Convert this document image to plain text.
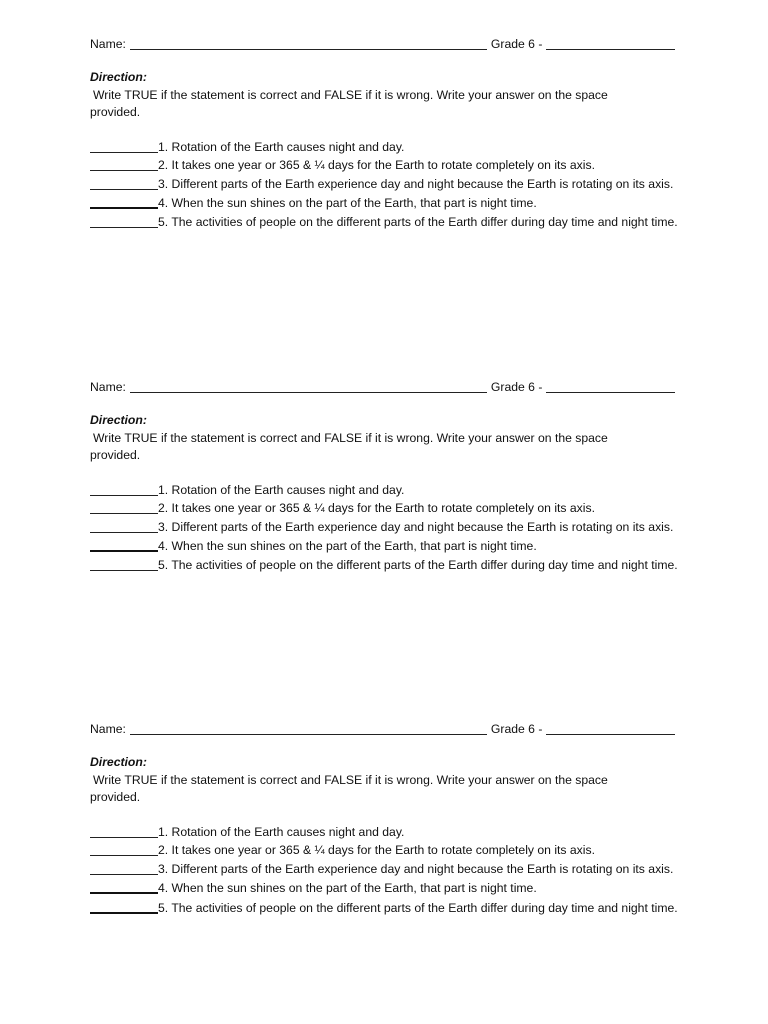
Name:	Grade 6 -
Direction:
Write TRUE if the statement is correct and FALSE if it is wrong. Write your answer on the space provided.
1. Rotation of the Earth causes night and day.
2. It takes one year or 365 & ¼ days for the Earth to rotate completely on its axis.
3. Different parts of the Earth experience day and night because the Earth is rotating on its axis.
4. When the sun shines on the part of the Earth, that part is night time.
5. The activities of people on the different parts of the Earth differ during day time and night time.
Name:	Grade 6 -
Direction:
Write TRUE if the statement is correct and FALSE if it is wrong. Write your answer on the space provided.
1. Rotation of the Earth causes night and day.
2. It takes one year or 365 & ¼ days for the Earth to rotate completely on its axis.
3. Different parts of the Earth experience day and night because the Earth is rotating on its axis.
4. When the sun shines on the part of the Earth, that part is night time.
5. The activities of people on the different parts of the Earth differ during day time and night time.
Name:	Grade 6 -
Direction:
Write TRUE if the statement is correct and FALSE if it is wrong. Write your answer on the space provided.
1. Rotation of the Earth causes night and day.
2. It takes one year or 365 & ¼ days for the Earth to rotate completely on its axis.
3. Different parts of the Earth experience day and night because the Earth is rotating on its axis.
4. When the sun shines on the part of the Earth, that part is night time.
5. The activities of people on the different parts of the Earth differ during day time and night time.
